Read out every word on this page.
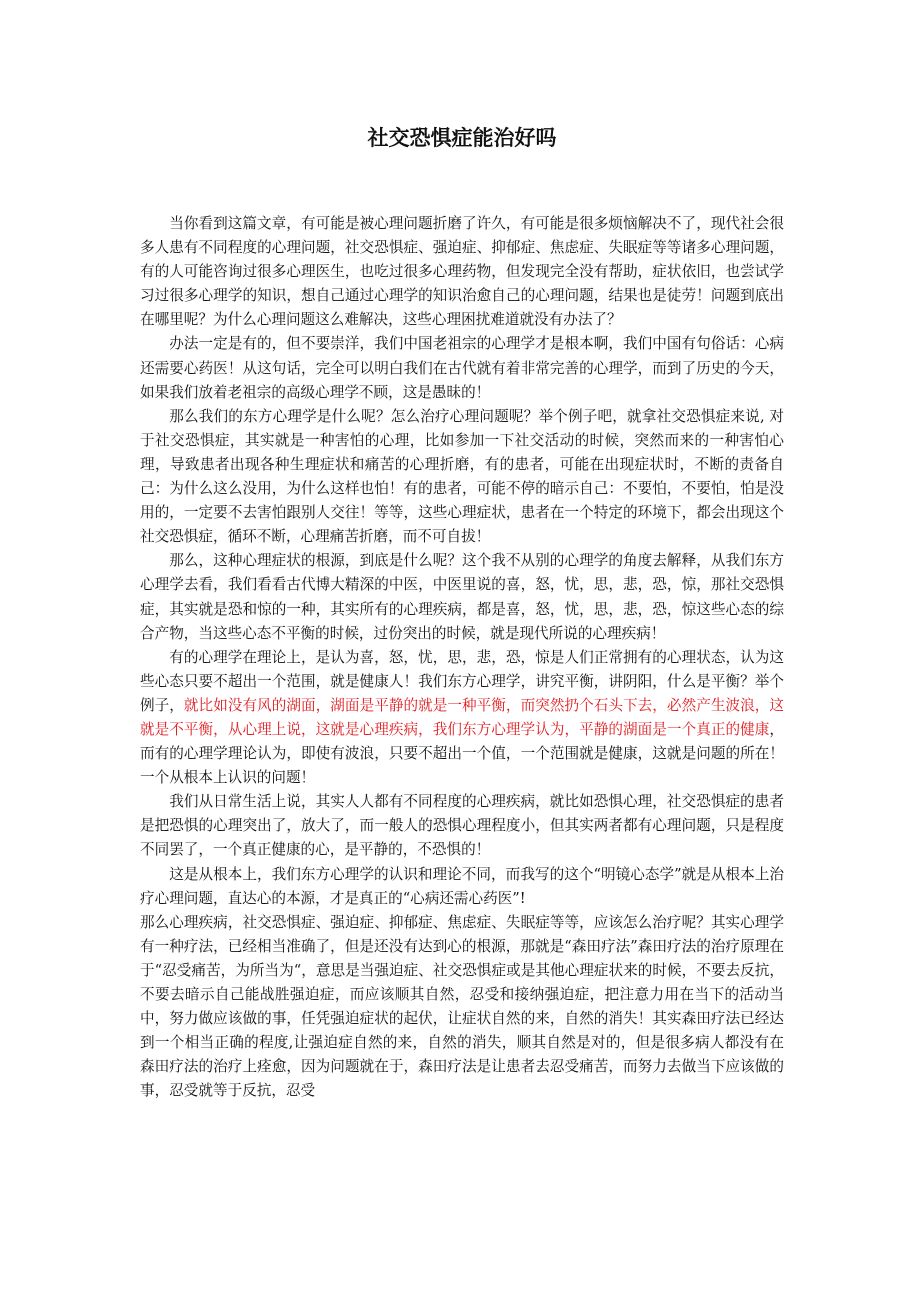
社交恐惧症能治好吗

当你看到这篇文章，有可能是被心理问题折磨了许久，有可能是很多烦恼解决不了，现代社会很多人患有不同程度的心理问题，社交恐惧症、强迫症、抑郁症、焦虑症、失眠症等等诸多心理问题，有的人可能咨询过很多心理医生，也吃过很多心理药物，但发现完全没有帮助，症状依旧，也尝试学习过很多心理学的知识，想自己通过心理学的知识治愈自己的心理问题，结果也是徒劳！问题到底出在哪里呢？为什么心理问题这么难解决，这些心理困扰难道就没有办法了？

办法一定是有的，但不要崇洋，我们中国老祖宗的心理学才是根本啊，我们中国有句俗话：心病还需要心药医！从这句话，完全可以明白我们在古代就有着非常完善的心理学，而到了历史的今天，如果我们放着老祖宗的高级心理学不顾，这是愚昧的！

那么我们的东方心理学是什么呢？怎么治疗心理问题呢？举个例子吧，就拿社交恐惧症来说, 对于社交恐惧症，其实就是一种害怕的心理，比如参加一下社交活动的时候，突然而来的一种害怕心理，导致患者出现各种生理症状和痛苦的心理折磨，有的患者，可能在出现症状时，不断的责备自己：为什么这么没用，为什么这样也怕！有的患者，可能不停的暗示自己：不要怕，不要怕，怕是没用的，一定要不去害怕跟别人交往！等等，这些心理症状，患者在一个特定的环境下，都会出现这个社交恐惧症，循环不断，心理痛苦折磨，而不可自拔！

那么，这种心理症状的根源，到底是什么呢？这个我不从别的心理学的角度去解释，从我们东方心理学去看，我们看看古代博大精深的中医，中医里说的喜，怒，忧，思，悲，恐，惊，那社交恐惧症，其实就是恐和惊的一种，其实所有的心理疾病，都是喜，怒，忧，思，悲，恐，惊这些心态的综合产物，当这些心态不平衡的时候，过份突出的时候，就是现代所说的心理疾病！

有的心理学在理论上，是认为喜，怒，忧，思，悲，恐，惊是人们正常拥有的心理状态，认为这些心态只要不超出一个范围，就是健康人！我们东方心理学，讲究平衡，讲阴阳，什么是平衡？举个例子，就比如没有风的湖面，湖面是平静的就是一种平衡，而突然扔个石头下去，必然产生波浪，这就是不平衡，从心理上说，这就是心理疾病，我们东方心理学认为，平静的湖面是一个真正的健康，而有的心理学理论认为，即使有波浪，只要不超出一个值，一个范围就是健康，这就是问题的所在！一个从根本上认识的问题！

我们从日常生活上说，其实人人都有不同程度的心理疾病，就比如恐惧心理，社交恐惧症的患者是把恐惧的心理突出了，放大了，而一般人的恐惧心理程度小，但其实两者都有心理问题，只是程度不同罢了，一个真正健康的心，是平静的，不恐惧的！

这是从根本上，我们东方心理学的认识和理论不同，而我写的这个“明镜心态学”就是从根本上治疗心理问题，直达心的本源，才是真正的“心病还需心药医”!

那么心理疾病，社交恐惧症、强迫症、抑郁症、焦虑症、失眠症等等，应该怎么治疗呢？其实心理学有一种疗法，已经相当准确了，但是还没有达到心的根源，那就是“森田疗法”森田疗法的治疗原理在于“忍受痛苦，为所当为“，意思是当强迫症、社交恐惧症或是其他心理症状来的时候，不要去反抗，不要去暗示自己能战胜强迫症，而应该顺其自然，忍受和接纳强迫症，把注意力用在当下的活动当中，努力做应该做的事，任凭强迫症状的起伏，让症状自然的来，自然的消失！其实森田疗法已经达到一个相当正确的程度,让强迫症自然的来，自然的消失，顺其自然是对的，但是很多病人都没有在森田疗法的治疗上痊愈，因为问题就在于，森田疗法是让患者去忍受痛苦，而努力去做当下应该做的事，忍受就等于反抗，忍受
